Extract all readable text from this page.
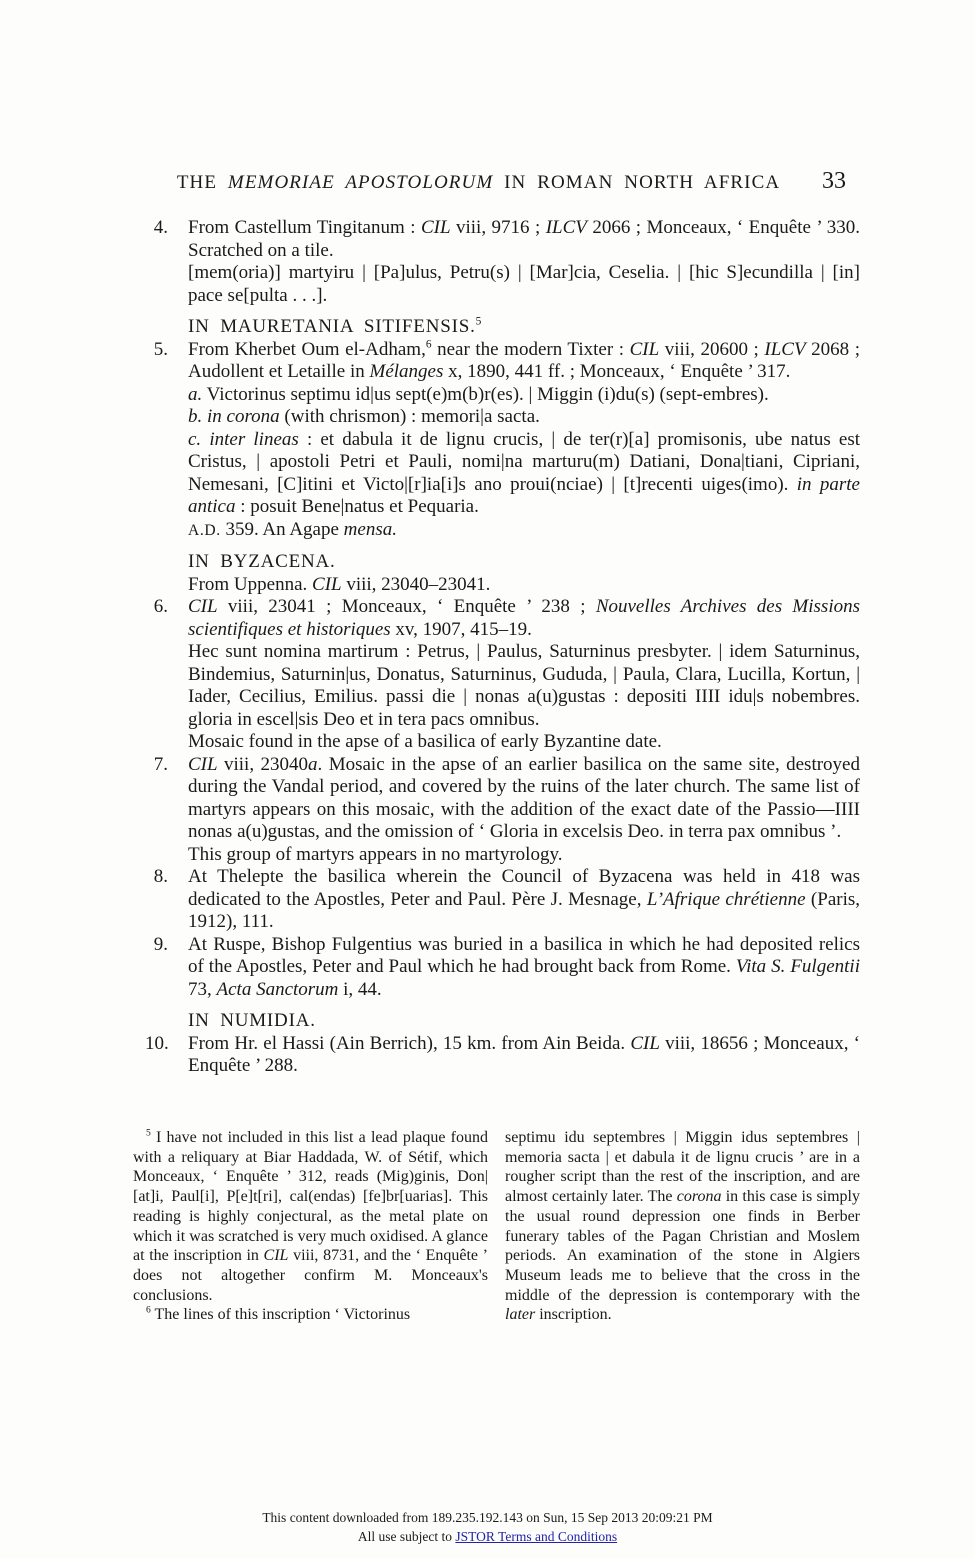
THE MEMORIAE APOSTOLORUM IN ROMAN NORTH AFRICA	33
4.	From Castellum Tingitanum : CIL viii, 9716 ; ILCV 2066 ; Monceaux, ‘ Enquête ’ 330. Scratched on a tile.
[mem(oria)] martyiru | [Pa]ulus, Petru(s) | [Mar]cia, Ceselia. | [hic S]ecundilla | [in] pace se[pulta . . .].
IN MAURETANIA SITIFENSIS.$^5$
5.	From Kherbet Oum el-Adham,$^6$ near the modern Tixter : CIL viii, 20600 ; ILCV 2068 ; Audollent et Letaille in Mélanges x, 1890, 441 ff. ; Monceaux, ‘ Enquête ’ 317.
a. Victorinus septimu id|us sept(e)m(b)r(es). | Miggin (i)du(s) (sept-embres).
b. in corona (with chrismon) : memori|a sacta.
c. inter lineas : et dabula it de lignu crucis, | de ter(r)[a] promisonis, ube natus est Cristus, | apostoli Petri et Pauli, nomi|na marturu(m) Datiani, Dona|tiani, Cipriani, Nemesani, [C]itini et Victo|[r]ia[i]s ano proui(nciae) | [t]recenti uiges(imo). in parte antica : posuit Bene|natus et Pequaria.
A.D. 359. An Agape mensa.
IN BYZACENA.
From Uppenna. CIL viii, 23040–23041.
6.	CIL viii, 23041 ; Monceaux, ‘ Enquête ’ 238 ; Nouvelles Archives des Missions scientifiques et historiques xv, 1907, 415–19.
Hec sunt nomina martirum : Petrus, | Paulus, Saturninus presbyter. | idem Saturninus, Bindemius, Saturnin|us, Donatus, Saturninus, Gududa, | Paula, Clara, Lucilla, Kortun, | Iader, Cecilius, Emilius. passi die | nonas a(u)gustas : depositi IIII idu|s nobembres. gloria in escel|sis Deo et in tera pacs omnibus.
Mosaic found in the apse of a basilica of early Byzantine date.
7.	CIL viii, 23040a. Mosaic in the apse of an earlier basilica on the same site, destroyed during the Vandal period, and covered by the ruins of the later church. The same list of martyrs appears on this mosaic, with the addition of the exact date of the Passio—IIII nonas a(u)gustas, and the omission of ‘ Gloria in excelsis Deo. in terra pax omnibus ’.
This group of martyrs appears in no martyrology.
8.	At Thelepte the basilica wherein the Council of Byzacena was held in 418 was dedicated to the Apostles, Peter and Paul. Père J. Mesnage, L’Afrique chrétienne (Paris, 1912), 111.
9.	At Ruspe, Bishop Fulgentius was buried in a basilica in which he had deposited relics of the Apostles, Peter and Paul which he had brought back from Rome. Vita S. Fulgentii 73, Acta Sanctorum i, 44.
IN NUMIDIA.
10.	From Hr. el Hassi (Ain Berrich), 15 km. from Ain Beida. CIL viii, 18656 ; Monceaux, ‘ Enquête ’ 288.
$^5$ I have not included in this list a lead plaque found with a reliquary at Biar Haddada, W. of Sétif, which Monceaux, ‘ Enquête ’ 312, reads (Mig)ginis, Don|[at]i, Paul[i], P[e]t[ri], cal(endas) [fe]br[uarias]. This reading is highly conjectural, as the metal plate on which it was scratched is very much oxidised. A glance at the inscription in CIL viii, 8731, and the ‘ Enquête ’ does not altogether confirm M. Monceaux's conclusions.
$^6$ The lines of this inscription ‘ Victorinus
septimu idu septembres | Miggin idus septembres | memoria sacta | et dabula it de lignu crucis ’ are in a rougher script than the rest of the inscription, and are almost certainly later. The corona in this case is simply the usual round depression one finds in Berber funerary tables of the Pagan Christian and Moslem periods. An examination of the stone in Algiers Museum leads me to believe that the cross in the middle of the depression is contemporary with the later inscription.
This content downloaded from 189.235.192.143 on Sun, 15 Sep 2013 20:09:21 PM
All use subject to JSTOR Terms and Conditions
